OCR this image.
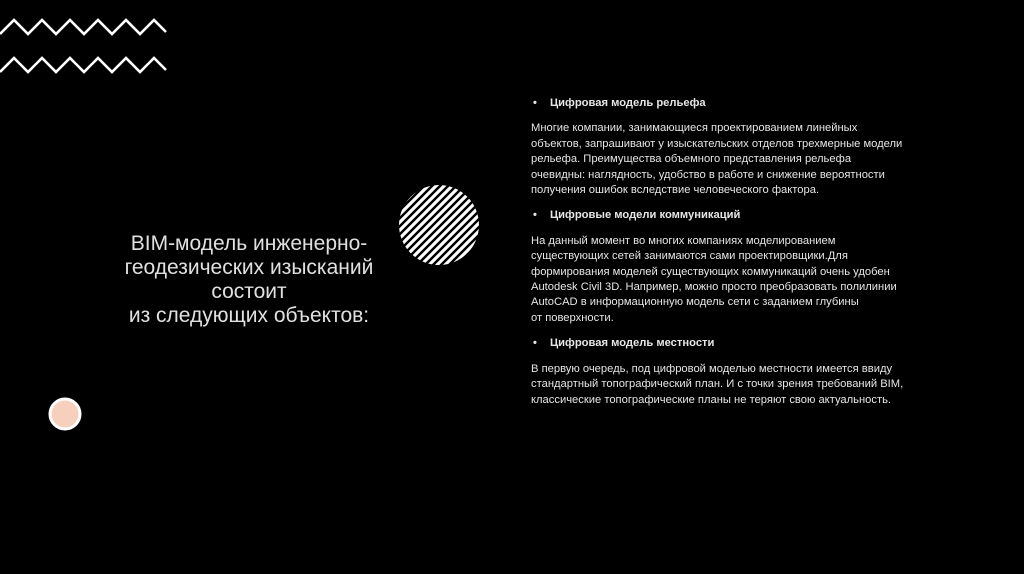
BIM-модель инженерно-
геодезических изысканий
состоит
из следующих объектов:
• Цифровая модель рельефа

Многие компании, занимающиеся проектированием линейных
объектов, запрашивают у изыскательских отделов трехмерные модели
рельефа. Преимущества объемного представления рельефа
очевидны: наглядность, удобство в работе и снижение вероятности
получения ошибок вследствие человеческого фактора.

• Цифровые модели коммуникаций

На данный момент во многих компаниях моделированием
существующих сетей занимаются сами проектировщики.Для
формирования моделей существующих коммуникаций очень удобен
Autodesk Civil 3D. Например, можно просто преобразовать полилинии
AutoCAD в информационную модель сети с заданием глубины
от поверхности.

• Цифровая модель местности

В первую очередь, под цифровой моделью местности имеется ввиду
стандартный топографический план. И с точки зрения требований BIM,
классические топографические планы не теряют свою актуальность.
